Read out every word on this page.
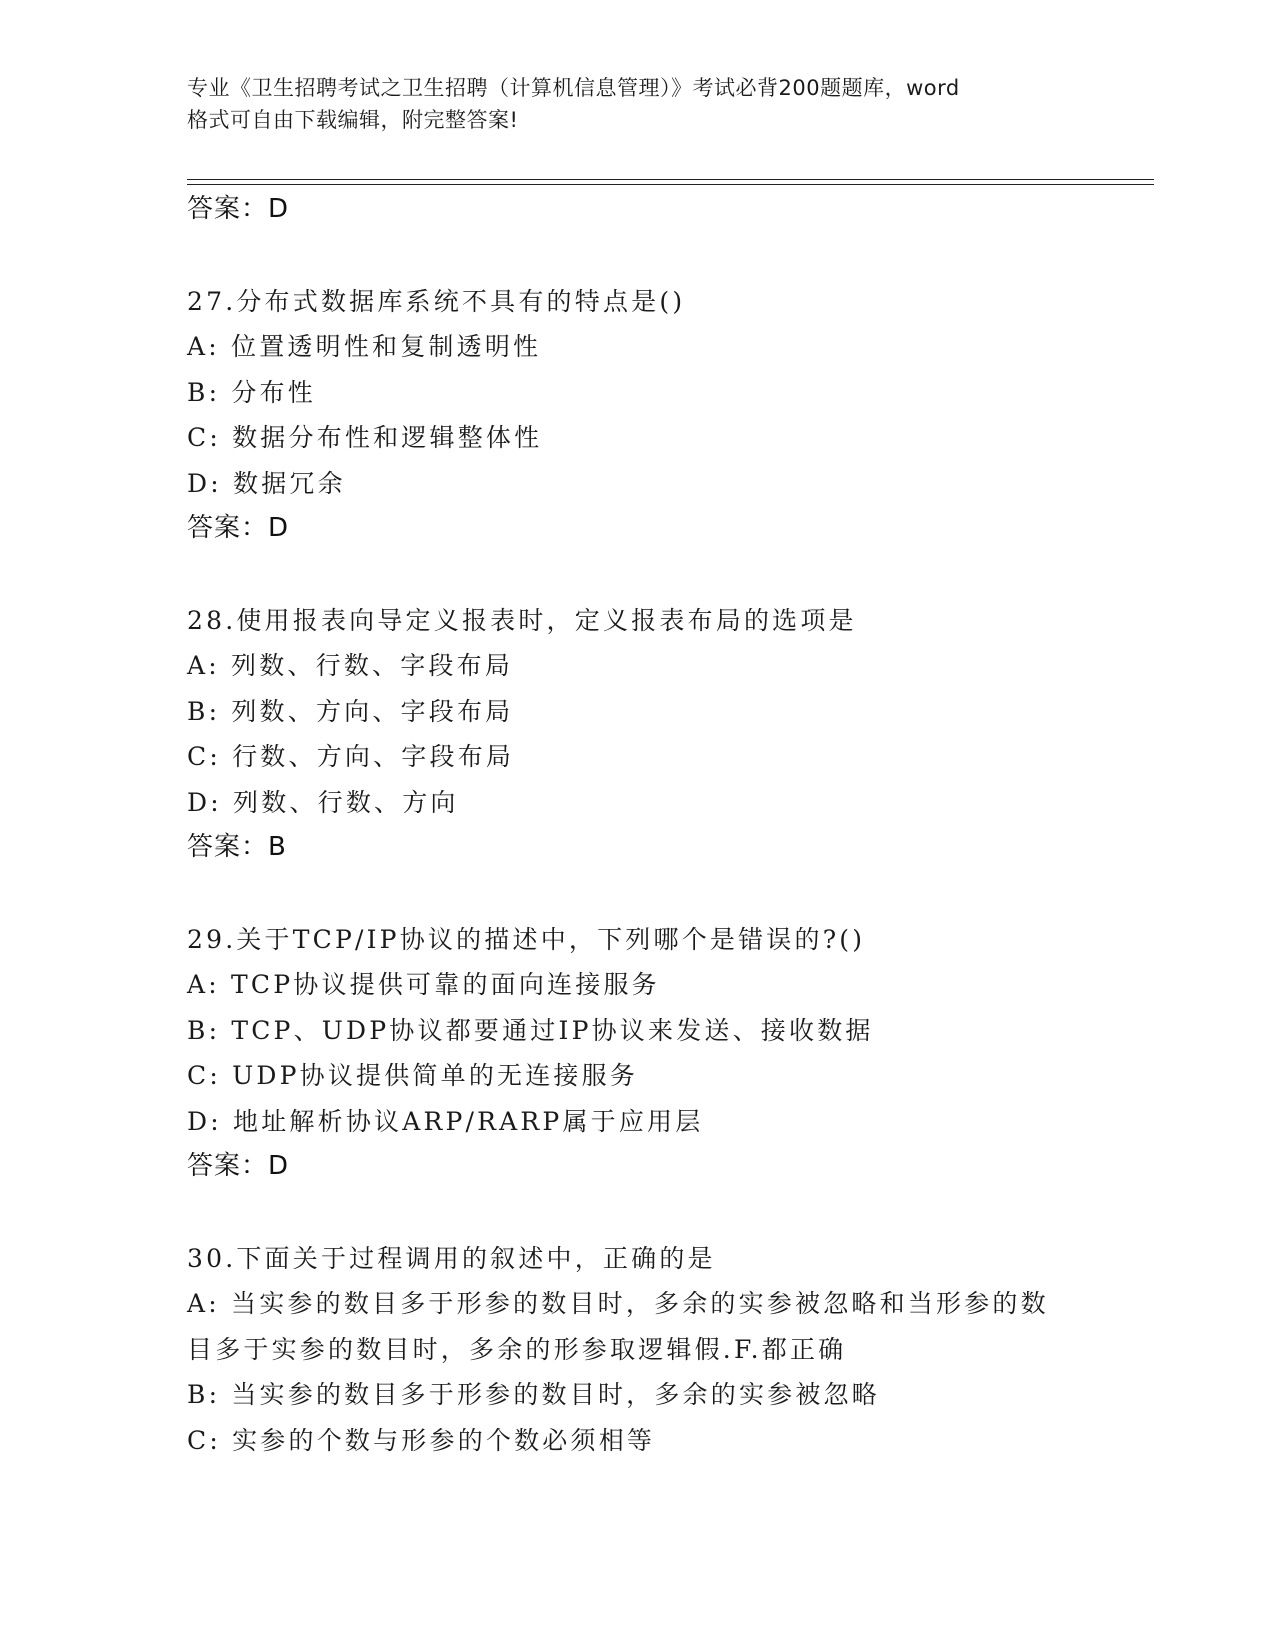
专业《卫生招聘考试之卫生招聘（计算机信息管理）》考试必背200题题库，word
格式可自由下载编辑，附完整答案!
答案：D
27.分布式数据库系统不具有的特点是()
A: 位置透明性和复制透明性
B: 分布性
C: 数据分布性和逻辑整体性
D: 数据冗余
答案：D
28.使用报表向导定义报表时，定义报表布局的选项是
A: 列数、行数、字段布局
B: 列数、方向、字段布局
C: 行数、方向、字段布局
D: 列数、行数、方向
答案：B
29.关于TCP/IP协议的描述中，下列哪个是错误的?()
A: TCP协议提供可靠的面向连接服务
B: TCP、UDP协议都要通过IP协议来发送、接收数据
C: UDP协议提供简单的无连接服务
D: 地址解析协议ARP/RARP属于应用层
答案：D
30.下面关于过程调用的叙述中，正确的是
A: 当实参的数目多于形参的数目时，多余的实参被忽略和当形参的数
目多于实参的数目时，多余的形参取逻辑假.F.都正确
B: 当实参的数目多于形参的数目时，多余的实参被忽略
C: 实参的个数与形参的个数必须相等
